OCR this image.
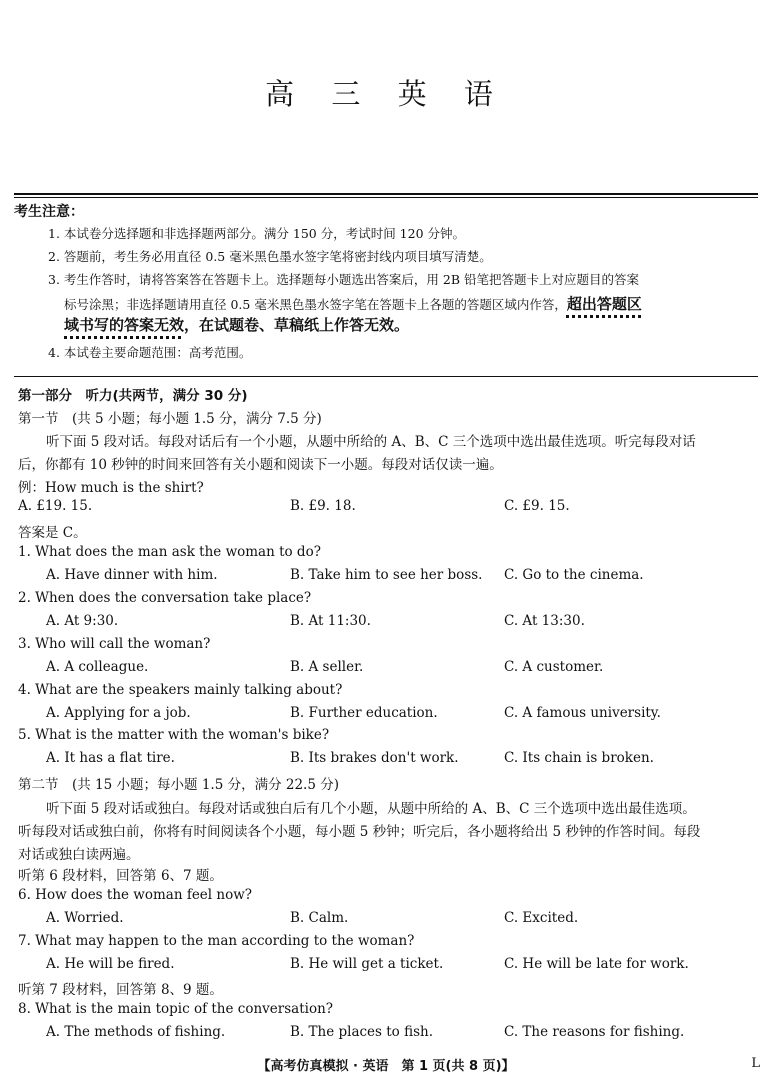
高 三 英 语
考生注意：
1. 本试卷分选择题和非选择题两部分。满分 150 分，考试时间 120 分钟。
2. 答题前，考生务必用直径 0.5 毫米黑色墨水签字笔将密封线内项目填写清楚。
3. 考生作答时，请将答案答在答题卡上。选择题每小题选出答案后，用 2B 铅笔把答题卡上对应题目的答案
标号涂黑；非选择题请用直径 0.5 毫米黑色墨水签字笔在答题卡上各题的答题区域内作答，超出答题区
域书写的答案无效，在试题卷、草稿纸上作答无效。
4. 本试卷主要命题范围：高考范围。
第一部分　听力(共两节，满分 30 分)
第一节　(共 5 小题；每小题 1.5 分，满分 7.5 分)
听下面 5 段对话。每段对话后有一个小题，从题中所给的 A、B、C 三个选项中选出最佳选项。听完每段对话
后，你都有 10 秒钟的时间来回答有关小题和阅读下一小题。每段对话仅读一遍。
例：How much is the shirt?
A. £19. 15.	B. £9. 18.	C. £9. 15.
答案是 C。
1. What does the man ask the woman to do?
A. Have dinner with him.	B. Take him to see her boss. C. Go to the cinema.
2. When does the conversation take place?
A. At 9:30.	B. At 11:30.	C. At 13:30.
3. Who will call the woman?
A. A colleague.	B. A seller.	C. A customer.
4. What are the speakers mainly talking about?
A. Applying for a job.	B. Further education.	C. A famous university.
5. What is the matter with the woman's bike?
A. It has a flat tire.	B. Its brakes don't work.	C. Its chain is broken.
第二节　(共 15 小题；每小题 1.5 分，满分 22.5 分)
听下面 5 段对话或独白。每段对话或独白后有几个小题，从题中所给的 A、B、C 三个选项中选出最佳选项。
听每段对话或独白前，你将有时间阅读各个小题，每小题 5 秒钟；听完后，各小题将给出 5 秒钟的作答时间。每段
对话或独白读两遍。
听第 6 段材料，回答第 6、7 题。
6. How does the woman feel now?
A. Worried.	B. Calm.	C. Excited.
7. What may happen to the man according to the woman?
A. He will be fired.	B. He will get a ticket.	C. He will be late for work.
听第 7 段材料，回答第 8、9 题。
8. What is the main topic of the conversation?
A. The methods of fishing.	B. The places to fish.	C. The reasons for fishing.
【高考仿真模拟 · 英语　第 1 页(共 8 页)】	L
